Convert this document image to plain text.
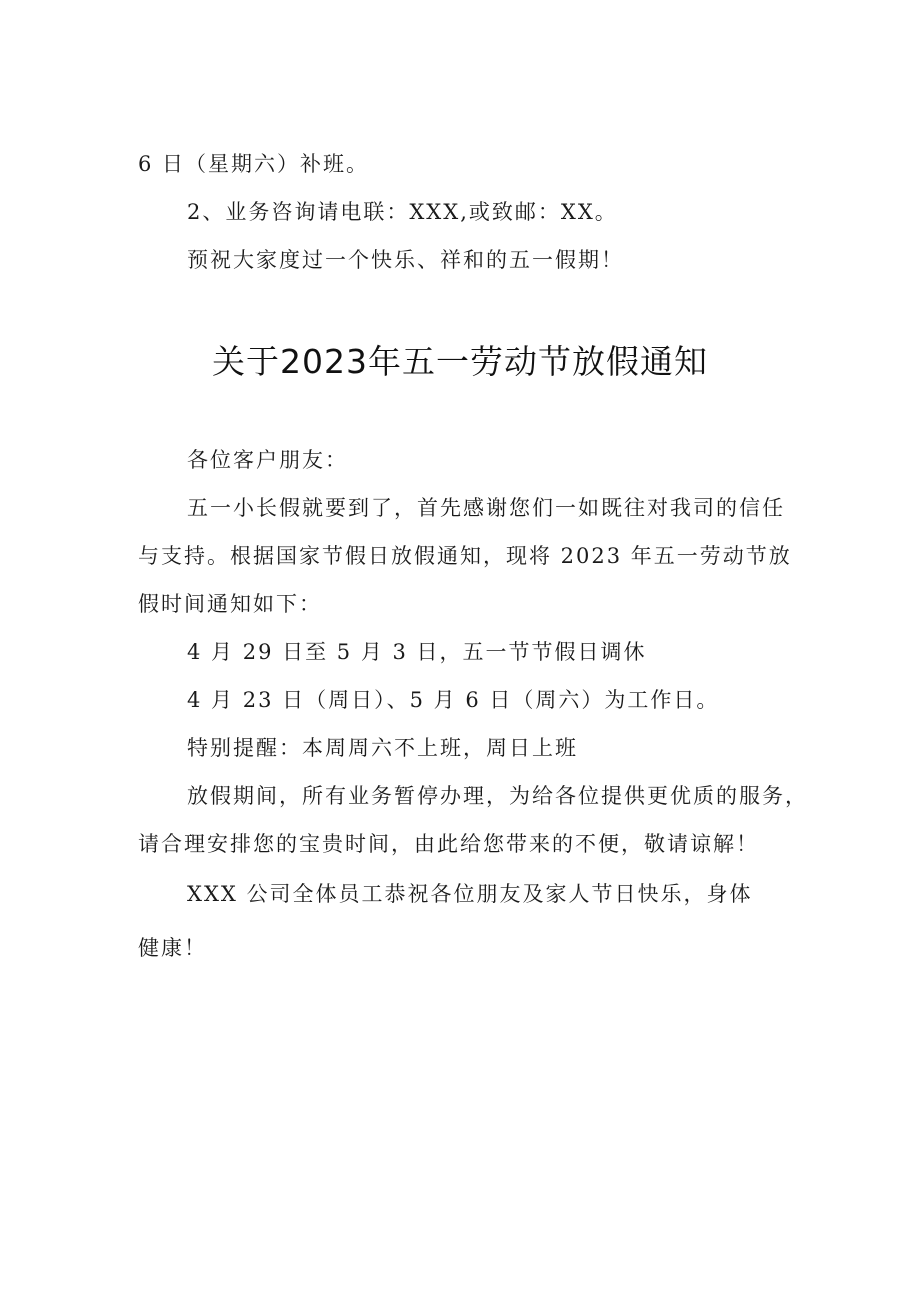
6 日（星期六）补班。
2、业务咨询请电联：XXX,或致邮：XX。
预祝大家度过一个快乐、祥和的五一假期！
关于2023年五一劳动节放假通知
各位客户朋友：
五一小长假就要到了，首先感谢您们一如既往对我司的信任
与支持。根据国家节假日放假通知，现将 2023 年五一劳动节放
假时间通知如下：
4 月 29 日至 5 月 3 日，五一节节假日调休
4 月 23 日（周日）、5 月 6 日（周六）为工作日。
特别提醒：本周周六不上班，周日上班
放假期间，所有业务暂停办理，为给各位提供更优质的服务，
请合理安排您的宝贵时间，由此给您带来的不便，敬请谅解！
XXX 公司全体员工恭祝各位朋友及家人节日快乐，身体
健康！
